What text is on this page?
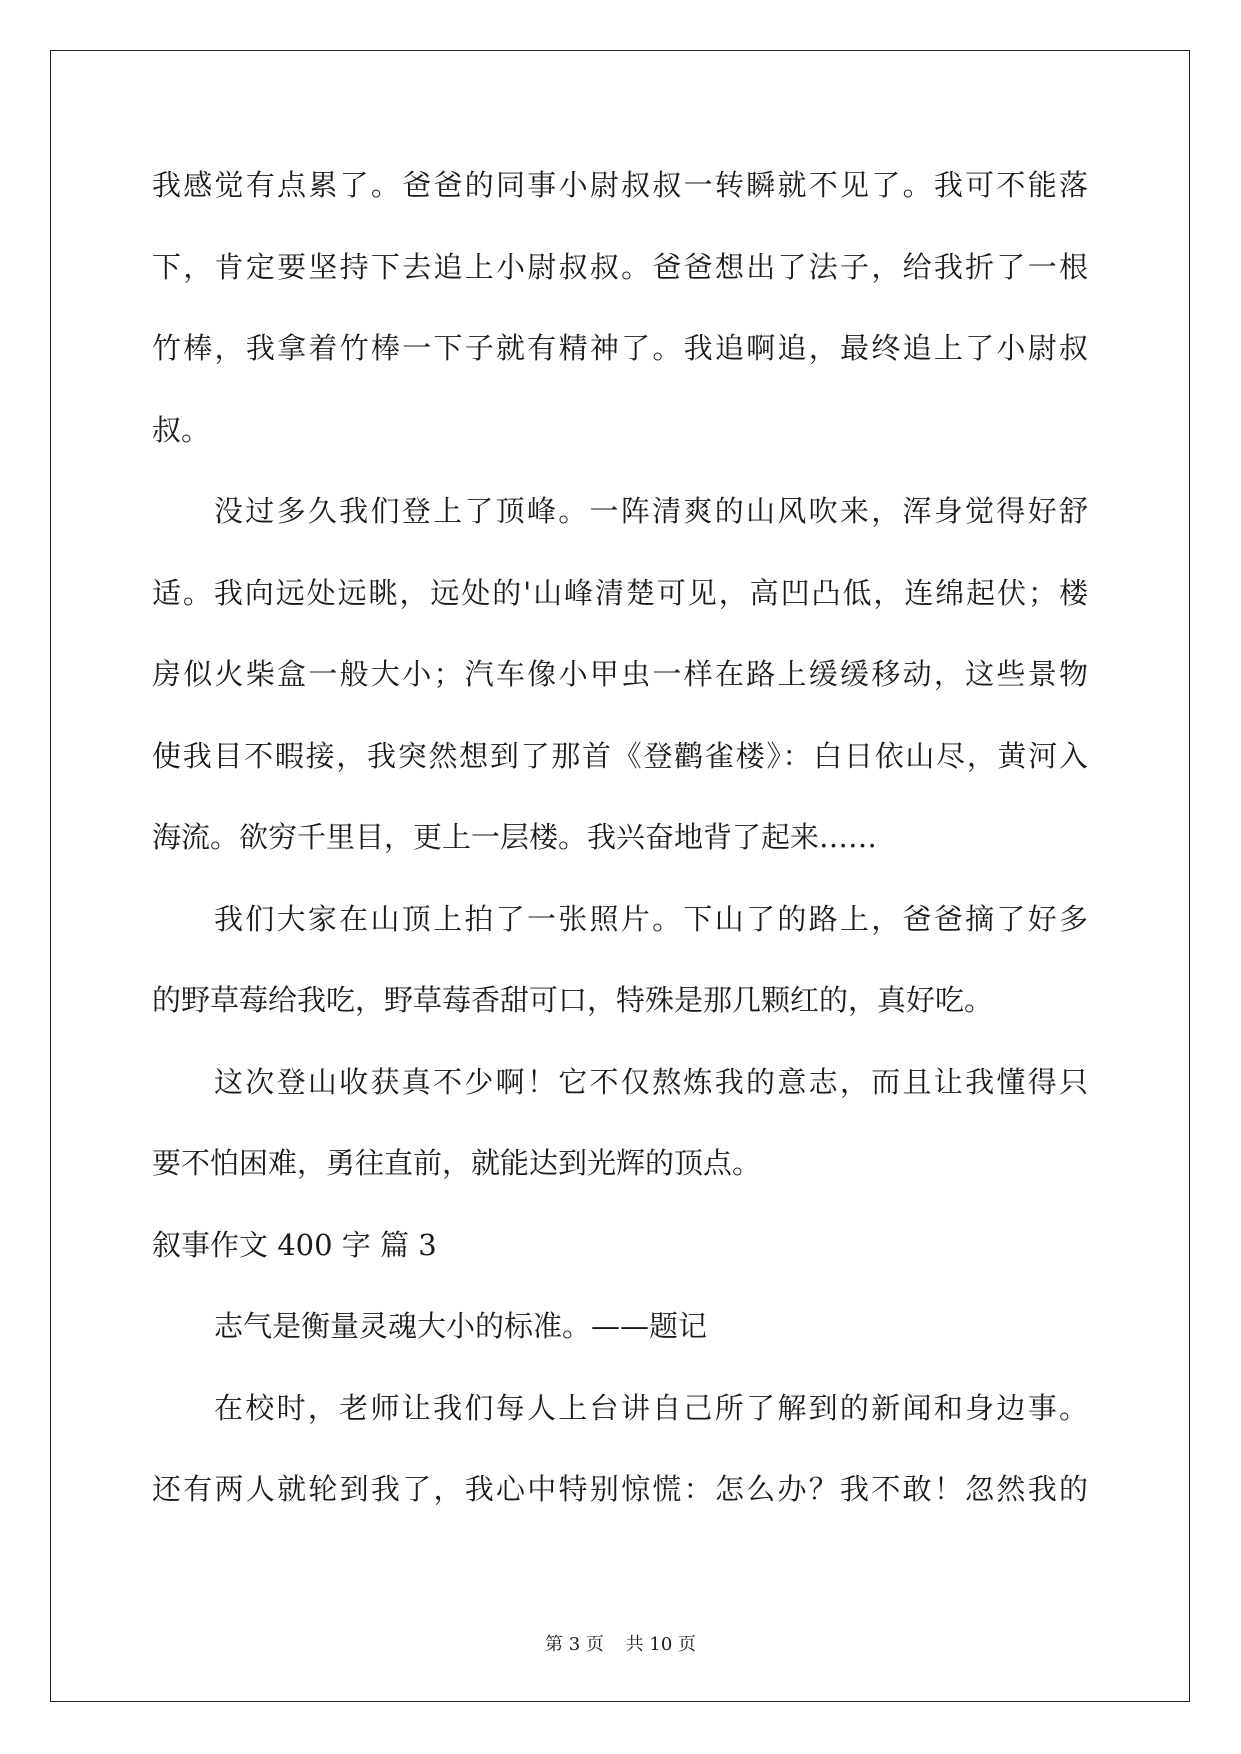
我感觉有点累了。爸爸的同事小尉叔叔一转瞬就不见了。我可不能落
下，肯定要坚持下去追上小尉叔叔。爸爸想出了法子，给我折了一根
竹棒，我拿着竹棒一下子就有精神了。我追啊追，最终追上了小尉叔
叔。
没过多久我们登上了顶峰。一阵清爽的山风吹来，浑身觉得好舒
适。我向远处远眺，远处的'山峰清楚可见，高凹凸低，连绵起伏；楼
房似火柴盒一般大小；汽车像小甲虫一样在路上缓缓移动，这些景物
使我目不暇接，我突然想到了那首《登鹳雀楼》：白日依山尽，黄河入
海流。欲穷千里目，更上一层楼。我兴奋地背了起来……
我们大家在山顶上拍了一张照片。下山了的路上，爸爸摘了好多
的野草莓给我吃，野草莓香甜可口，特殊是那几颗红的，真好吃。
这次登山收获真不少啊！它不仅熬炼我的意志，而且让我懂得只
要不怕困难，勇往直前，就能达到光辉的顶点。
叙事作文 400 字 篇 3
志气是衡量灵魂大小的标准。——题记
在校时，老师让我们每人上台讲自己所了解到的新闻和身边事。
还有两人就轮到我了，我心中特别惊慌：怎么办？我不敢！忽然我的
第 3 页 共 10 页
